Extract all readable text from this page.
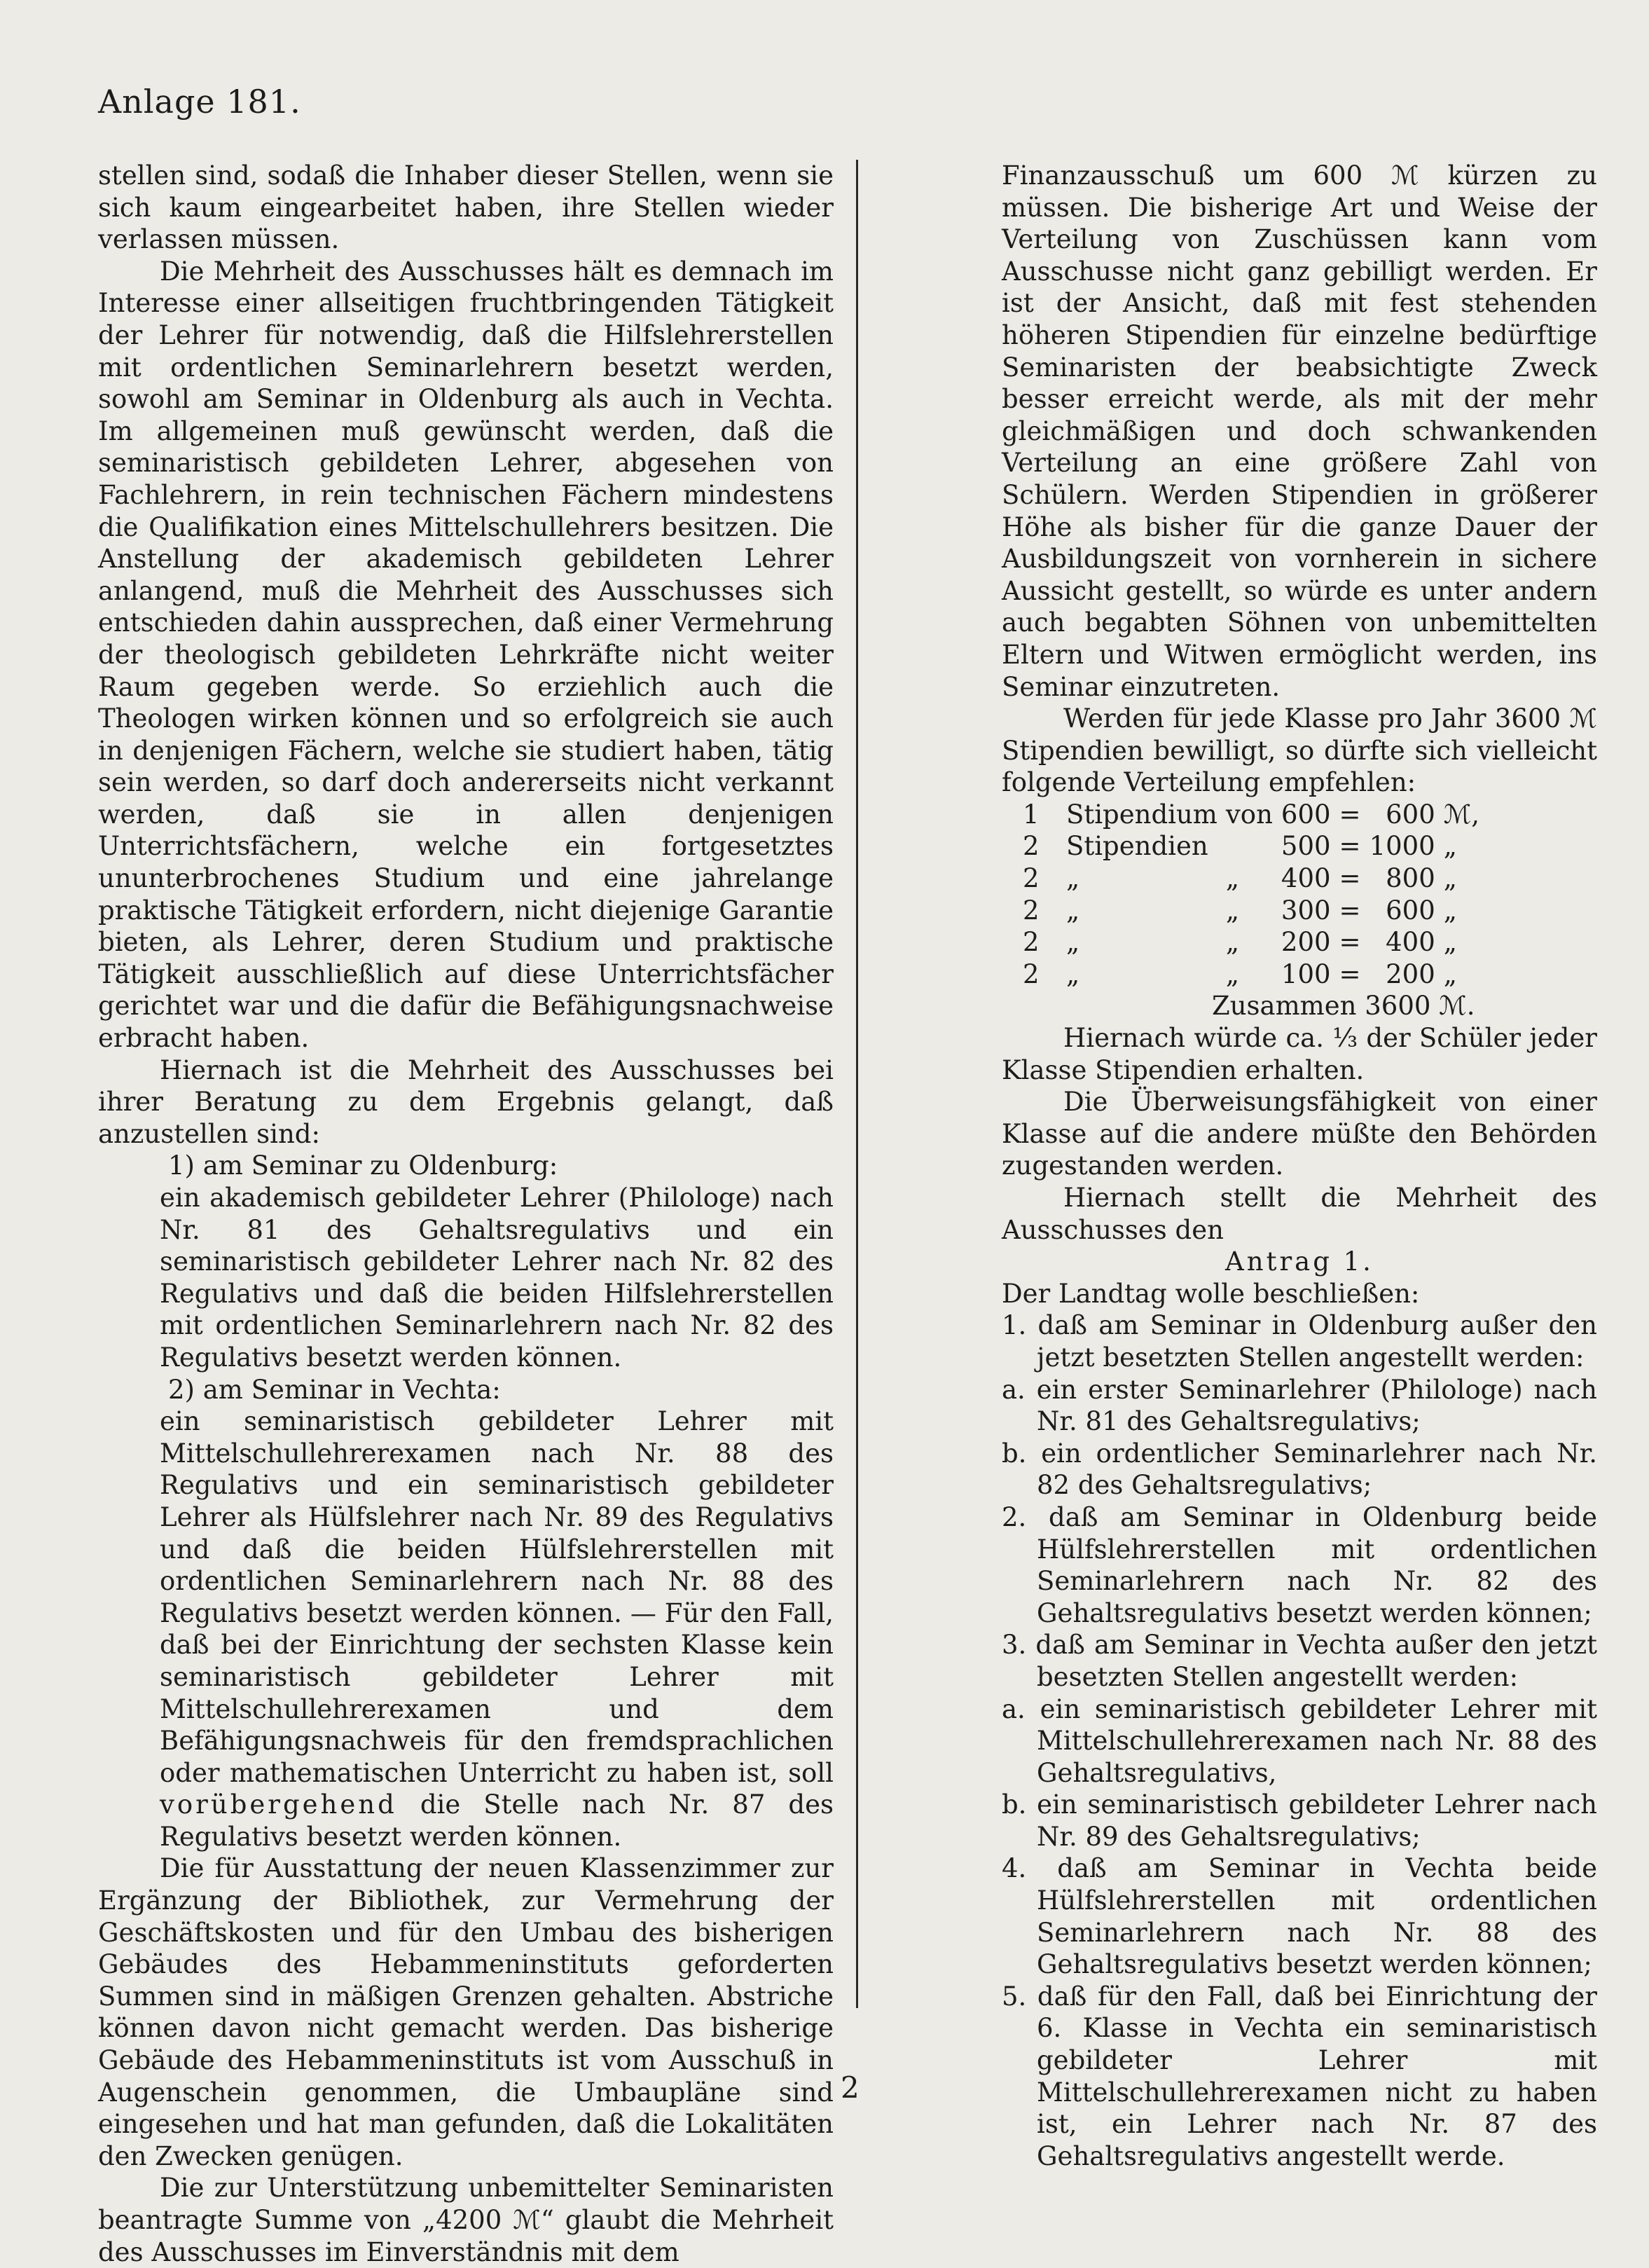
Anlage 181.

stellen sind, sodaß die Inhaber dieser Stellen, wenn sie sich kaum eingearbeitet haben, ihre Stellen wieder verlassen müssen.

Die Mehrheit des Ausschusses hält es demnach im Interesse einer allseitigen fruchtbringenden Tätigkeit der Lehrer für notwendig, daß die Hilfslehrerstellen mit ordentlichen Seminarlehrern besetzt werden, sowohl am Seminar in Oldenburg als auch in Vechta. Im allgemeinen muß gewünscht werden, daß die seminaristisch gebildeten Lehrer, abgesehen von Fachlehrern, in rein technischen Fächern mindestens die Qualifikation eines Mittelschullehrers besitzen. Die Anstellung der akademisch gebildeten Lehrer anlangend, muß die Mehrheit des Ausschusses sich entschieden dahin aussprechen, daß einer Vermehrung der theologisch gebildeten Lehrkräfte nicht weiter Raum gegeben werde. So erziehlich auch die Theologen wirken können und so erfolgreich sie auch in denjenigen Fächern, welche sie studiert haben, tätig sein werden, so darf doch andererseits nicht verkannt werden, daß sie in allen denjenigen Unterrichtsfächern, welche ein fortgesetztes ununterbrochenes Studium und eine jahrelange praktische Tätigkeit erfordern, nicht diejenige Garantie bieten, als Lehrer, deren Studium und praktische Tätigkeit ausschließlich auf diese Unterrichtsfächer gerichtet war und die dafür die Befähigungsnachweise erbracht haben.

Hiernach ist die Mehrheit des Ausschusses bei ihrer Beratung zu dem Ergebnis gelangt, daß anzustellen sind:

1) am Seminar zu Oldenburg:

ein akademisch gebildeter Lehrer (Philologe) nach Nr. 81 des Gehaltsregulativs und ein seminaristisch gebildeter Lehrer nach Nr. 82 des Regulativs und daß die beiden Hilfslehrerstellen mit ordentlichen Seminarlehrern nach Nr. 82 des Regulativs besetzt werden können.

2) am Seminar in Vechta:

ein seminaristisch gebildeter Lehrer mit Mittelschullehrerexamen nach Nr. 88 des Regulativs und ein seminaristisch gebildeter Lehrer als Hülfslehrer nach Nr. 89 des Regulativs und daß die beiden Hülfslehrerstellen mit ordentlichen Seminarlehrern nach Nr. 88 des Regulativs besetzt werden können. — Für den Fall, daß bei der Einrichtung der sechsten Klasse kein seminaristisch gebildeter Lehrer mit Mittelschullehrerexamen und dem Befähigungsnachweis für den fremdsprachlichen oder mathematischen Unterricht zu haben ist, soll vorübergehend die Stelle nach Nr. 87 des Regulativs besetzt werden können.

Die für Ausstattung der neuen Klassenzimmer zur Ergänzung der Bibliothek, zur Vermehrung der Geschäftskosten und für den Umbau des bisherigen Gebäudes des Hebammeninstituts geforderten Summen sind in mäßigen Grenzen gehalten. Abstriche können davon nicht gemacht werden. Das bisherige Gebäude des Hebammeninstituts ist vom Ausschuß in Augenschein genommen, die Umbaupläne sind eingesehen und hat man gefunden, daß die Lokalitäten den Zwecken genügen.

Die zur Unterstützung unbemittelter Seminaristen beantragte Summe von „4200 ℳ“ glaubt die Mehrheit des Ausschusses im Einverständnis mit dem

Finanzausschuß um 600 ℳ kürzen zu müssen. Die bisherige Art und Weise der Verteilung von Zuschüssen kann vom Ausschusse nicht ganz gebilligt werden. Er ist der Ansicht, daß mit fest stehenden höheren Stipendien für einzelne bedürftige Seminaristen der beabsichtigte Zweck besser erreicht werde, als mit der mehr gleichmäßigen und doch schwankenden Verteilung an eine größere Zahl von Schülern. Werden Stipendien in größerer Höhe als bisher für die ganze Dauer der Ausbildungszeit von vornherein in sichere Aussicht gestellt, so würde es unter andern auch begabten Söhnen von unbemittelten Eltern und Witwen ermöglicht werden, ins Seminar einzutreten.

Werden für jede Klasse pro Jahr 3600 ℳ Stipendien bewilligt, so dürfte sich vielleicht folgende Verteilung empfehlen:

1	Stipendium	von	600	=	600	ℳ,
2	Stipendien		500	=	1000	„
2	„	„	400	=	800	„
2	„	„	300	=	600	„
2	„	„	200	=	400	„
2	„	„	100	=	200	„

Zusammen 3600 ℳ.

Hiernach würde ca. ⅓ der Schüler jeder Klasse Stipendien erhalten.

Die Überweisungsfähigkeit von einer Klasse auf die andere müßte den Behörden zugestanden werden.

Hiernach stellt die Mehrheit des Ausschusses den

Antrag 1.

Der Landtag wolle beschließen:

1. daß am Seminar in Oldenburg außer den jetzt besetzten Stellen angestellt werden:

a. ein erster Seminarlehrer (Philologe) nach Nr. 81 des Gehaltsregulativs;

b. ein ordentlicher Seminarlehrer nach Nr. 82 des Gehaltsregulativs;

2. daß am Seminar in Oldenburg beide Hülfslehrerstellen mit ordentlichen Seminarlehrern nach Nr. 82 des Gehaltsregulativs besetzt werden können;

3. daß am Seminar in Vechta außer den jetzt besetzten Stellen angestellt werden:

a. ein seminaristisch gebildeter Lehrer mit Mittelschullehrerexamen nach Nr. 88 des Gehaltsregulativs,

b. ein seminaristisch gebildeter Lehrer nach Nr. 89 des Gehaltsregulativs;

4. daß am Seminar in Vechta beide Hülfslehrerstellen mit ordentlichen Seminarlehrern nach Nr. 88 des Gehaltsregulativs besetzt werden können;

5. daß für den Fall, daß bei Einrichtung der 6. Klasse in Vechta ein seminaristisch gebildeter Lehrer mit Mittelschullehrerexamen nicht zu haben ist, ein Lehrer nach Nr. 87 des Gehaltsregulativs angestellt werde.

2
